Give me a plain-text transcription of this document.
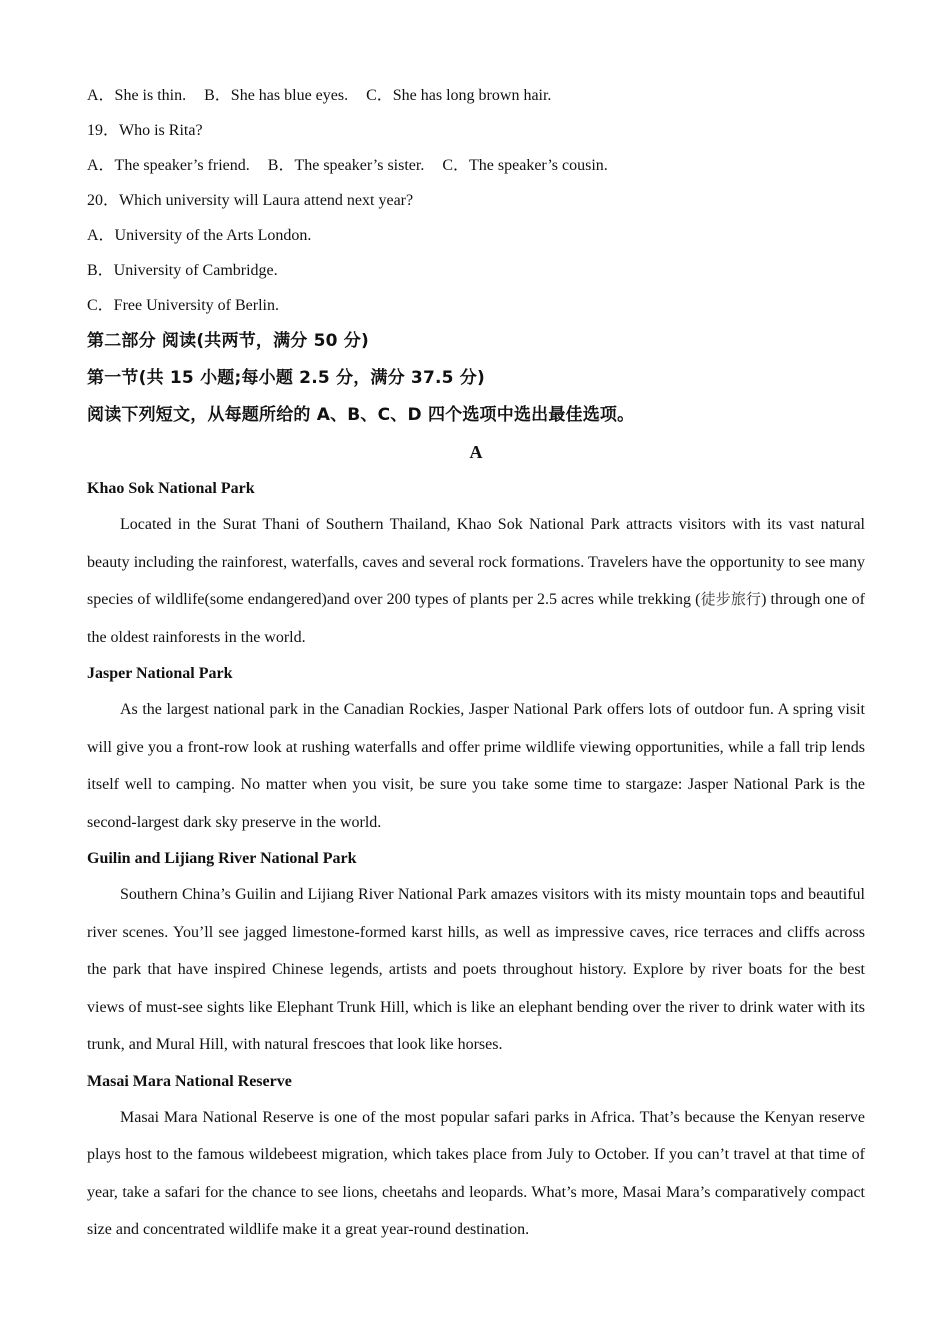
A．She is thin. B．She has blue eyes. C．She has long brown hair.
19．Who is Rita?
A．The speaker’s friend. B．The speaker’s sister. C．The speaker’s cousin.
20．Which university will Laura attend next year?
A．University of the Arts London.
B．University of Cambridge.
C．Free University of Berlin.
第二部分 阅读(共两节，满分 50 分)
第一节(共 15 小题;每小题 2.5 分，满分 37.5 分)
阅读下列短文，从每题所给的 A、B、C、D 四个选项中选出最佳选项。
A
Khao Sok National Park

Located in the Surat Thani of Southern Thailand, Khao Sok National Park attracts visitors with its vast natural beauty including the rainforest, waterfalls, caves and several rock formations. Travelers have the opportunity to see many species of wildlife(some endangered)and over 200 types of plants per 2.5 acres while trekking (徒步旅行) through one of the oldest rainforests in the world.

Jasper National Park

As the largest national park in the Canadian Rockies, Jasper National Park offers lots of outdoor fun. A spring visit will give you a front-row look at rushing waterfalls and offer prime wildlife viewing opportunities, while a fall trip lends itself well to camping. No matter when you visit, be sure you take some time to stargaze: Jasper National Park is the second-largest dark sky preserve in the world.

Guilin and Lijiang River National Park

Southern China’s Guilin and Lijiang River National Park amazes visitors with its misty mountain tops and beautiful river scenes. You’ll see jagged limestone-formed karst hills, as well as impressive caves, rice terraces and cliffs across the park that have inspired Chinese legends, artists and poets throughout history. Explore by river boats for the best views of must-see sights like Elephant Trunk Hill, which is like an elephant bending over the river to drink water with its trunk, and Mural Hill, with natural frescoes that look like horses.

Masai Mara National Reserve

Masai Mara National Reserve is one of the most popular safari parks in Africa. That’s because the Kenyan reserve plays host to the famous wildebeest migration, which takes place from July to October. If you can’t travel at that time of year, take a safari for the chance to see lions, cheetahs and leopards. What’s more, Masai Mara’s comparatively compact size and concentrated wildlife make it a great year-round destination.
